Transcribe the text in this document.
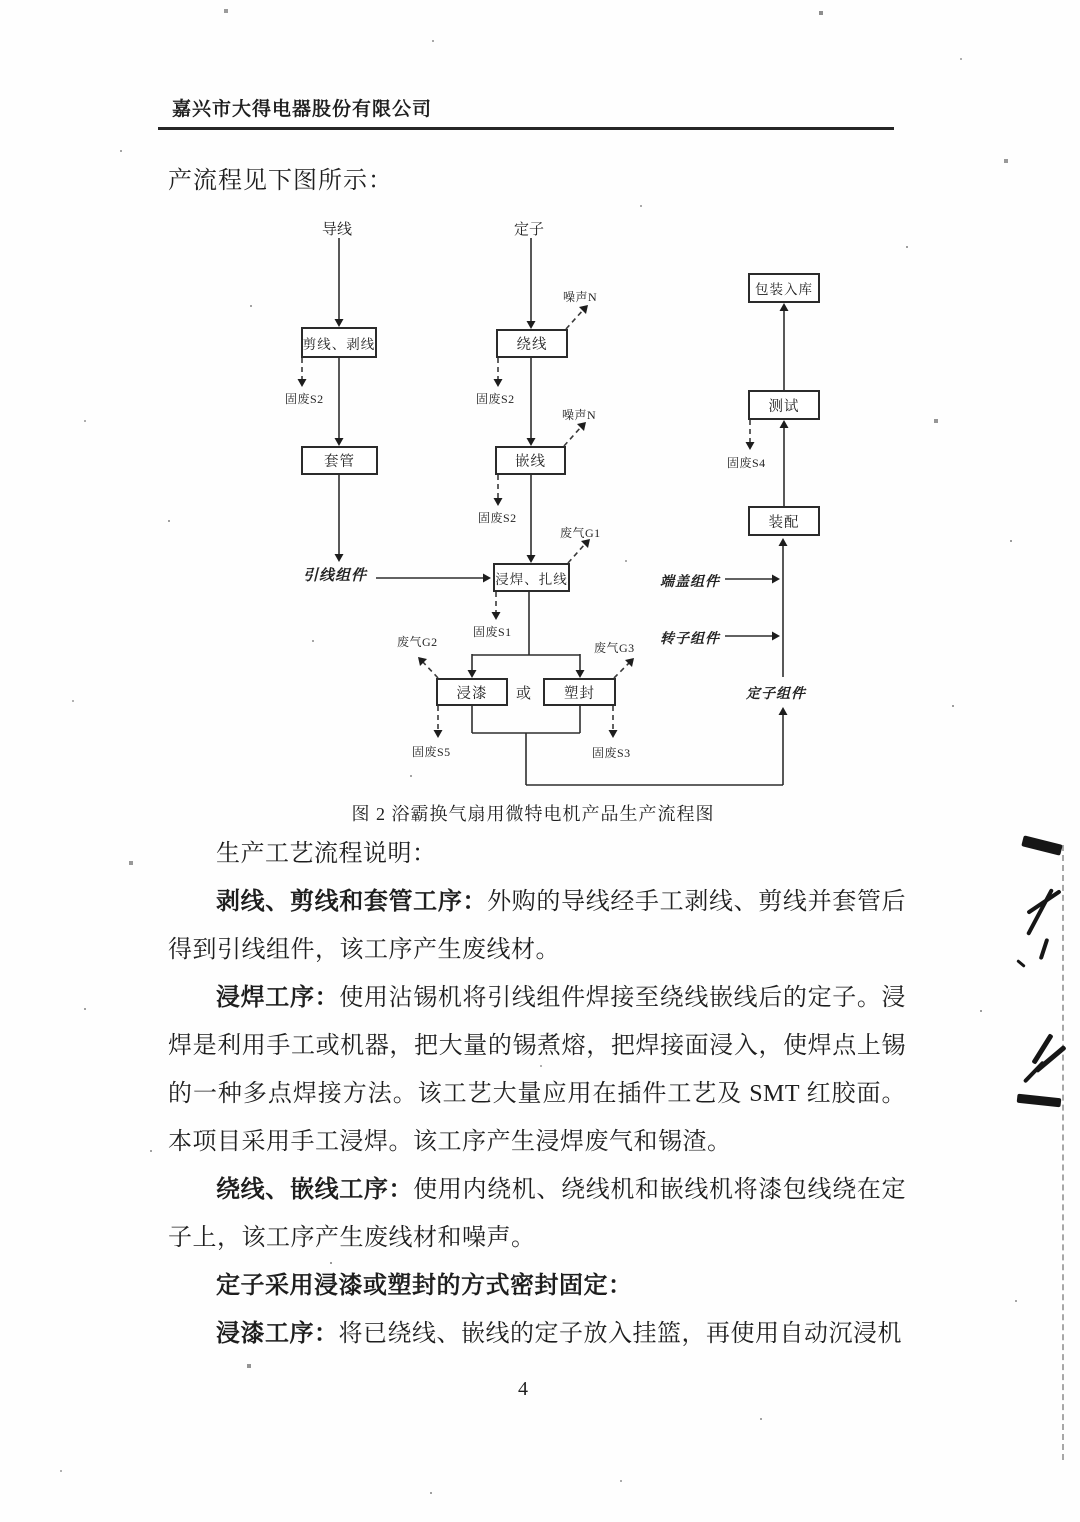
嘉兴市大得电器股份有限公司
产流程见下图所示：
导线	定子
剪线、剥线
套管
绕线
嵌线
浸焊、扎线
浸漆	塑封
包装入库
测试
装配
或
固废S2	固废S2
噪声N
噪声N
固废S2
废气G1
固废S1
废气G2	废气G3
固废S5	固废S3
固废S4
引线组件	端盖组件
转子组件
定子组件
图 2 浴霸换气扇用微特电机产品生产流程图

生产工艺流程说明：

剥线、剪线和套管工序：外购的导线经手工剥线、剪线并套管后得到引线组件，该工序产生废线材。

浸焊工序：使用沾锡机将引线组件焊接至绕线嵌线后的定子。浸焊是利用手工或机器，把大量的锡煮熔，把焊接面浸入，使焊点上锡的一种多点焊接方法。该工艺大量应用在插件工艺及 SMT 红胶面。本项目采用手工浸焊。该工序产生浸焊废气和锡渣。

绕线、嵌线工序：使用内绕机、绕线机和嵌线机将漆包线绕在定子上，该工序产生废线材和噪声。

定子采用浸漆或塑封的方式密封固定：

浸漆工序：将已绕线、嵌线的定子放入挂篮，再使用自动沉浸机

4
